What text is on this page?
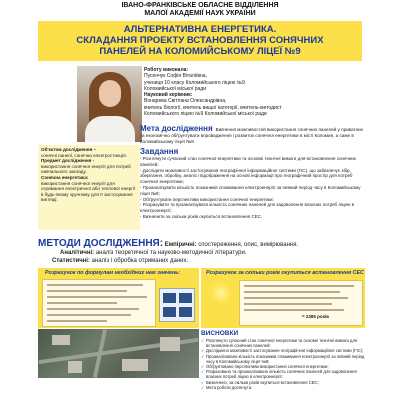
ІВАНО-ФРАНКІВСЬКЕ ОБЛАСНЕ ВІДДІЛЕННЯ
МАЛОЇ АКАДЕМІЇ НАУК УКРАЇНИ
АЛЬТЕРНАТИВНА ЕНЕРГЕТИКА.
СКЛАДАННЯ ПРОЕКТУ ВСТАНОВЛЕННЯ СОНЯЧНИХ
ПАНЕЛЕЙ НА КОЛОМИЙСЬКОМУ ЛІЦЕЇ №9
Роботу виконала:
Пусенчук Софія Віталіївна,
учениця 10 класу Коломийського ліцею №9
Коломийської міської ради
Науковий керівник:
Вонарева Світлана Олександрівна,
вчитель біології, вчитель вищої категорії, вчитель-методист
Коломийського ліцею №9 Коломийської міської ради
Об'єктом дослідження –
сонячні панелі, сонячна електростанція.
Предмет дослідження -
використання сонячної енергії для потреб навчального закладу.
Сонячна енергетика:
використання сонячної енергії для отримання електричної або теплової енергії в будь-якому зручному для її застосування вигляді.
Мета дослідження Вивчення можливостей використання сонячних панелей у приватних та економічно обґрунтувати впровадження і розвиток сонячної енергетики в місті Коломия, а саме в Коломийському ліцеї №9.
Завдання
- Розглянути сучасний стан сонячної енергетики та основні технічні вимоги для встановлення сонячних панелей;
- Дослідити можливості застосування географічної інформаційної системи (ГІС), що забезпечує збір, зберігання, обробку, аналіз і відображення на основі інформації про географічний простір для потреб сонячної енергетики;
- Проаналізувати кількість показників споживання електроенергії за певний період часу в Коломийському ліцеї №9;
- Обґрунтувати перспективи використання сонячної енергетики;
- Розрахувати та проаналізувати кількість сонячних панелей для задоволення власних потреб ліцею в електроенергії;
- Визначити за скільки років окупиться встановлення СЕС.
МЕТОДИ ДОСЛІДЖЕННЯ: Емпіричні: спостереження, опис, вимірювання.
Аналітичні: аналіз теоретичної та науково-методичної літератури.
Статистичні: аналіз і обробка отриманих даних.
Розрахунок по формулам необхідних нам значень:	Розрахунок за скільки років окупиться встановлення СЕС
= 2385 років
ВИСНОВКИ
✓ Розглянуто сучасний стан сонячної енергетики та основні технічні вимоги для встановлення сонячних панелей;
✓ Досліджено можливості застосування географічної інформаційної системи (ГІС);
✓ Проаналізовано кількість показників споживання електроенергії за певний період часу в Коломийському ліцеї №9;
✓ Обґрунтовано перспективи використання сонячної енергетики;
✓ Розраховано та проаналізовано кількість сонячних панелей для задоволення власних потреб ліцею в електроенергії;
✓ Визначено, за скільки років окупиться встановлення СЕС;
✓ Мета роботи досягнута.
